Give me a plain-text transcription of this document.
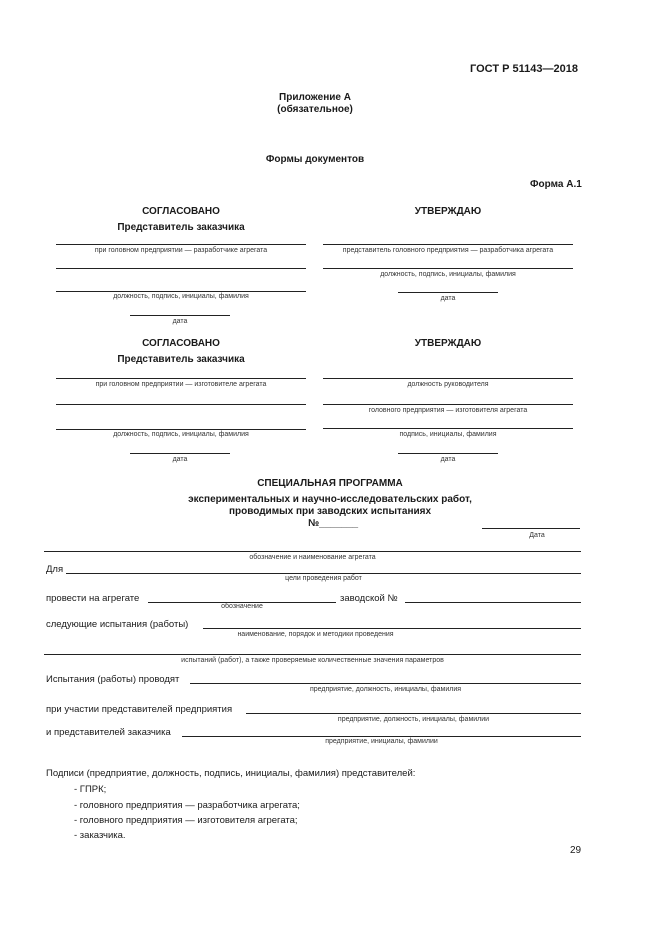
ГОСТ Р 51143—2018
Приложение А
(обязательное)
Формы документов
Форма А.1
СОГЛАСОВАНО
Представитель заказчика
при головном предприятии — разработчике агрегата
должность, подпись, инициалы, фамилия
дата
УТВЕРЖДАЮ
представитель головного предприятия — разработчика агрегата
должность, подпись, инициалы, фамилия
дата
СОГЛАСОВАНО
Представитель заказчика
при головном предприятии — изготовителе агрегата
должность, подпись, инициалы, фамилия
дата
УТВЕРЖДАЮ
должность руководителя
головного предприятия — изготовителя агрегата
подпись, инициалы, фамилия
дата
СПЕЦИАЛЬНАЯ ПРОГРАММА
экспериментальных и научно-исследовательских работ,
проводимых при заводских испытаниях
№_______
Дата
обозначение и наименование агрегата
Для
цели проведения работ
провести на агрегате
обозначение
заводской №
следующие испытания (работы)
наименование, порядок и методики проведения
испытаний (работ), а также проверяемые количественные значения параметров
Испытания (работы) проводят
предприятие, должность, инициалы, фамилия
при участии представителей предприятия
предприятие, должность, инициалы, фамилии
и представителей заказчика
предприятие, инициалы, фамилии
Подписи (предприятие, должность, подпись, инициалы, фамилия) представителей:
- ГПРК;
- головного предприятия — разработчика агрегата;
- головного предприятия — изготовителя агрегата;
- заказчика.
29
